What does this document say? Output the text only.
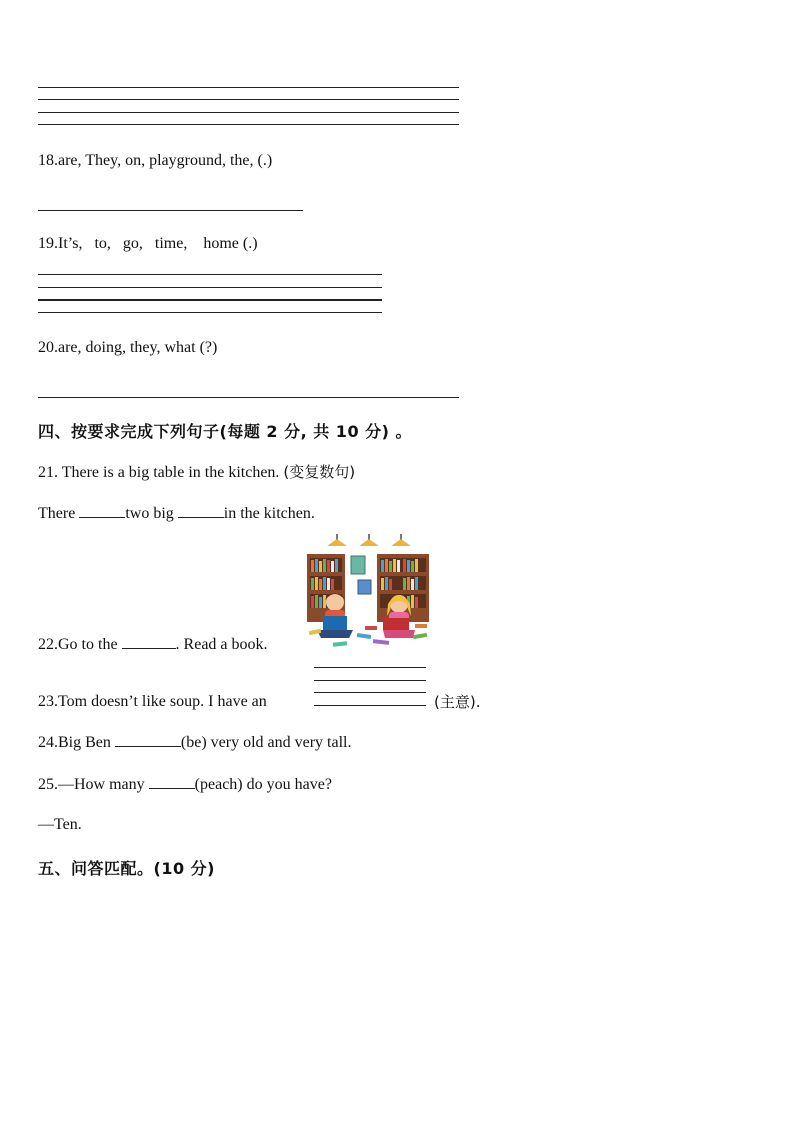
18.are, They, on, playground, the, (.)
19.It’s,   to,   go,   time,    home (.)
20.are, doing, they, what (?)
四、按要求完成下列句子(每题 2 分, 共 10 分) 。
21. There is a big table in the kitchen. (变复数句)
There	two big	in the kitchen.
22.Go to the	. Read a book.
23.Tom doesn’t like soup. I have an	(主意).
24.Big Ben	(be) very old and very tall.
25.—How many	(peach) do you have?
—Ten.
五、问答匹配。(10 分)
